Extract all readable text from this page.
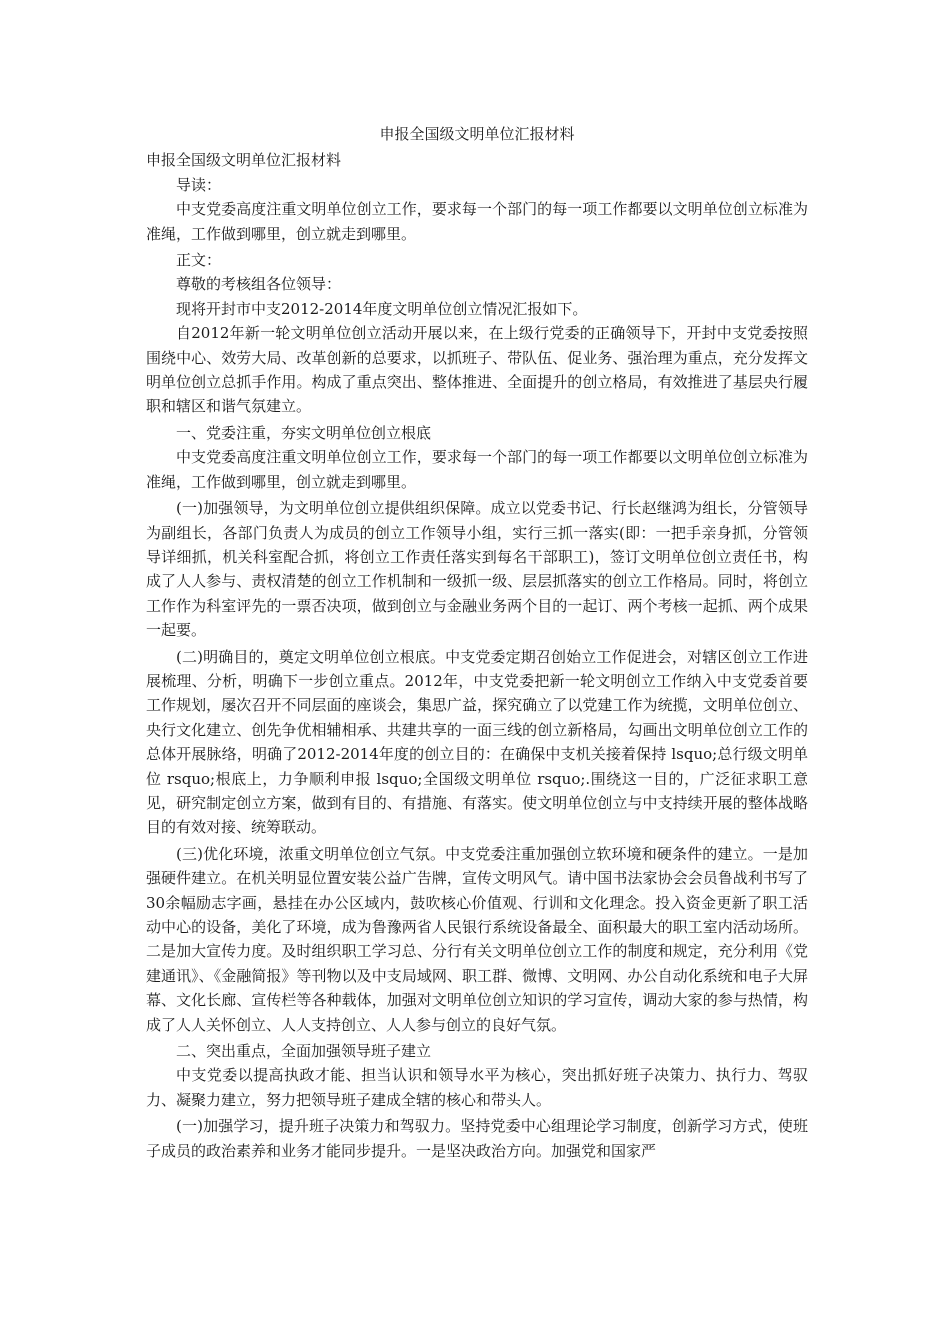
申报全国级文明单位汇报材料
申报全国级文明单位汇报材料

导读：

中支党委高度注重文明单位创立工作，要求每一个部门的每一项工作都要以文明单位创立标准为准绳，工作做到哪里，创立就走到哪里。

正文：

尊敬的考核组各位领导：

现将开封市中支2012-2014年度文明单位创立情况汇报如下。

自2012年新一轮文明单位创立活动开展以来，在上级行党委的正确领导下，开封中支党委按照围绕中心、效劳大局、改革创新的总要求，以抓班子、带队伍、促业务、强治理为重点，充分发挥文明单位创立总抓手作用。构成了重点突出、整体推进、全面提升的创立格局，有效推进了基层央行履职和辖区和谐气氛建立。

一、党委注重，夯实文明单位创立根底

中支党委高度注重文明单位创立工作，要求每一个部门的每一项工作都要以文明单位创立标准为准绳，工作做到哪里，创立就走到哪里。

(一)加强领导，为文明单位创立提供组织保障。成立以党委书记、行长赵继鸿为组长，分管领导为副组长，各部门负责人为成员的创立工作领导小组，实行三抓一落实(即：一把手亲身抓，分管领导详细抓，机关科室配合抓，将创立工作责任落实到每名干部职工)，签订文明单位创立责任书，构成了人人参与、责权清楚的创立工作机制和一级抓一级、层层抓落实的创立工作格局。同时，将创立工作作为科室评先的一票否决项，做到创立与金融业务两个目的一起订、两个考核一起抓、两个成果一起要。

(二)明确目的，奠定文明单位创立根底。中支党委定期召创始立工作促进会，对辖区创立工作进展梳理、分析，明确下一步创立重点。2012年，中支党委把新一轮文明创立工作纳入中支党委首要工作规划，屡次召开不同层面的座谈会，集思广益，探究确立了以党建工作为统揽，文明单位创立、央行文化建立、创先争优相辅相承、共建共享的一面三线的创立新格局，勾画出文明单位创立工作的总体开展脉络，明确了2012-2014年度的创立目的：在确保中支机关接着保持 lsquo;总行级文明单位 rsquo;根底上，力争顺利申报 lsquo;全国级文明单位 rsquo;.围绕这一目的，广泛征求职工意见，研究制定创立方案，做到有目的、有措施、有落实。使文明单位创立与中支持续开展的整体战略目的有效对接、统筹联动。

(三)优化环境，浓重文明单位创立气氛。中支党委注重加强创立软环境和硬条件的建立。一是加强硬件建立。在机关明显位置安装公益广告牌，宣传文明风气。请中国书法家协会会员鲁战利书写了30余幅励志字画，悬挂在办公区域内，鼓吹核心价值观、行训和文化理念。投入资金更新了职工活动中心的设备，美化了环境，成为鲁豫两省人民银行系统设备最全、面积最大的职工室内活动场所。二是加大宣传力度。及时组织职工学习总、分行有关文明单位创立工作的制度和规定，充分利用《党建通讯》、《金融简报》等刊物以及中支局域网、职工群、微博、文明网、办公自动化系统和电子大屏幕、文化长廊、宣传栏等各种载体，加强对文明单位创立知识的学习宣传，调动大家的参与热情，构成了人人关怀创立、人人支持创立、人人参与创立的良好气氛。

二、突出重点，全面加强领导班子建立

中支党委以提高执政才能、担当认识和领导水平为核心，突出抓好班子决策力、执行力、驾驭力、凝聚力建立，努力把领导班子建成全辖的核心和带头人。

(一)加强学习，提升班子决策力和驾驭力。坚持党委中心组理论学习制度，创新学习方式，使班子成员的政治素养和业务才能同步提升。一是坚决政治方向。加强党和国家严
